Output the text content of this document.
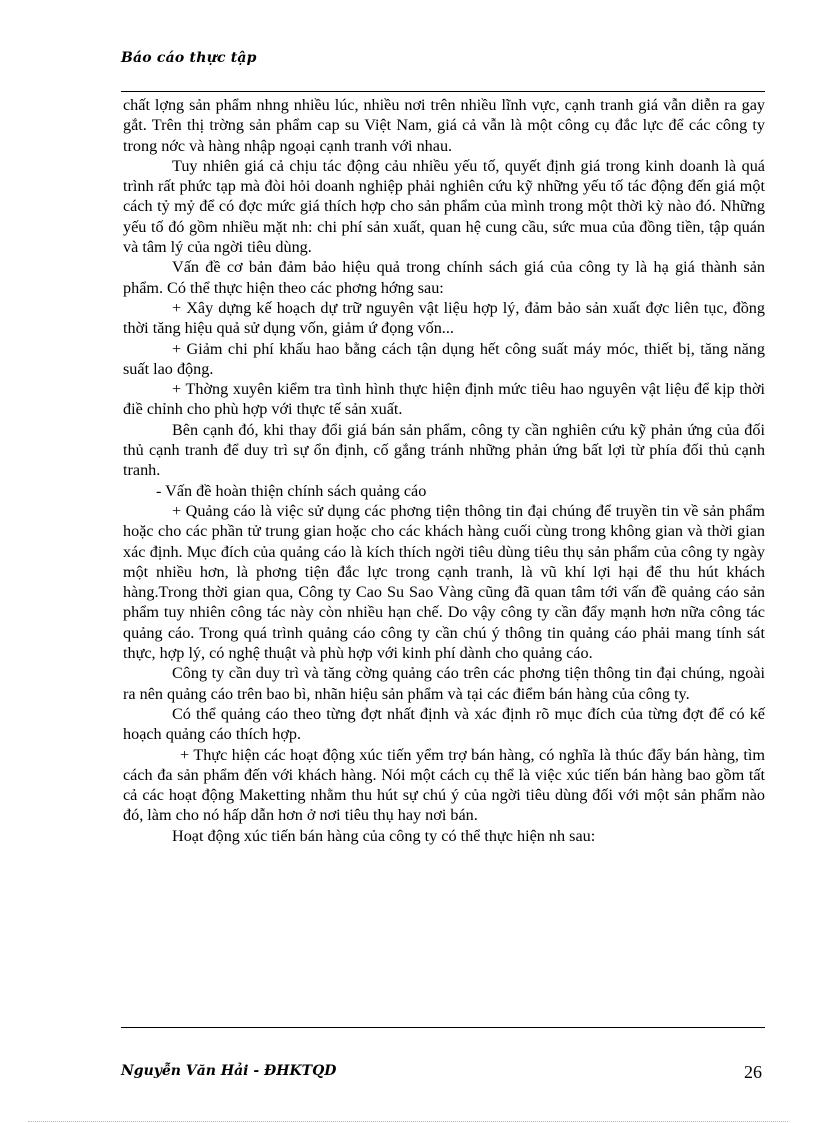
Báo cáo thực tập

chất lợng sản phẩm nhng nhiều lúc, nhiều nơi trên nhiều lĩnh vực, cạnh tranh giá vẫn diễn ra gay gắt. Trên thị trờng sản phẩm cap su Việt Nam, giá cả vẫn là một công cụ đắc lực để các công ty trong nớc và hàng nhập ngoại cạnh tranh với nhau.

Tuy nhiên giá cả chịu tác động cảu nhiều yếu tố, quyết định giá trong kinh doanh là quá trình rất phức tạp mà đòi hỏi doanh nghiệp phải nghiên cứu kỹ những yếu tố tác động đến giá một cách tỷ mỷ để có đợc mức giá thích hợp cho sản phẩm của mình trong một thời kỳ nào đó. Những yếu tố đó gồm nhiều mặt nh: chi phí sản xuất, quan hệ cung cầu, sức mua của đồng tiền, tập quán và tâm lý của ngời tiêu dùng.

Vấn đề cơ bản đảm bảo hiệu quả trong chính sách giá của công ty là hạ giá thành sản phẩm. Có thể thực hiện theo các phơng hớng sau:

+ Xây dựng kế hoạch dự trữ nguyên vật liệu hợp lý, đảm bảo sản xuất đợc liên tục, đồng thời tăng hiệu quả sử dụng vốn, giảm ứ đọng vốn...

+ Giảm chi phí khấu hao bằng cách tận dụng hết công suất máy móc, thiết bị, tăng năng suất lao động.

+ Thờng xuyên kiểm tra tình hình thực hiện định mức tiêu hao nguyên vật liệu để kịp thời điề chỉnh cho phù hợp với thực tế sản xuất.

Bên cạnh đó, khi thay đổi giá bán sản phẩm, công ty cần nghiên cứu kỹ phản ứng của đối thủ cạnh tranh để duy trì sự ổn định, cố gắng tránh những phản ứng bất lợi từ phía đối thủ cạnh tranh.

- Vấn đề hoàn thiện chính sách quảng cáo

+ Quảng cáo là việc sử dụng các phơng tiện thông tin đại chúng để truyền tin về sản phẩm hoặc cho các phần tử trung gian hoặc cho các khách hàng cuối cùng trong không gian và thời gian xác định. Mục đích của quảng cáo là kích thích ngời tiêu dùng tiêu thụ sản phẩm của công ty ngày một nhiều hơn, là phơng tiện đắc lực trong cạnh tranh, là vũ khí lợi hại để thu hút khách hàng.Trong thời gian qua, Công ty Cao Su Sao Vàng cũng đã quan tâm tới vấn đề quảng cáo sản phẩm tuy nhiên công tác này còn nhiều hạn chế. Do vậy công ty cần đẩy mạnh hơn nữa công tác quảng cáo. Trong quá trình quảng cáo công ty cần chú ý thông tin quảng cáo phải mang tính sát thực, hợp lý, có nghệ thuật và phù hợp với kinh phí dành cho quảng cáo.

Công ty cần duy trì và tăng cờng quảng cáo trên các phơng tiện thông tin đại chúng, ngoài ra nên quảng cáo trên bao bì, nhãn hiệu sản phẩm và tại các điểm bán hàng của công ty.

Có thể quảng cáo theo từng đợt nhất định và xác định rõ mục đích của từng đợt để có kế hoạch quảng cáo thích hợp.

+ Thực hiện các hoạt động xúc tiến yểm trợ bán hàng, có nghĩa là thúc đẩy bán hàng, tìm cách đa sản phẩm đến với khách hàng. Nói một cách cụ thể là việc xúc tiến bán hàng bao gồm tất cả các hoạt động Maketting nhằm thu hút sự chú ý của ngời tiêu dùng đối với một sản phẩm nào đó, làm cho nó hấp dẫn hơn ở nơi tiêu thụ hay nơi bán.

Hoạt động xúc tiến bán hàng của công ty có thể thực hiện nh sau:

Nguyễn Văn Hải - ĐHKTQD	26
